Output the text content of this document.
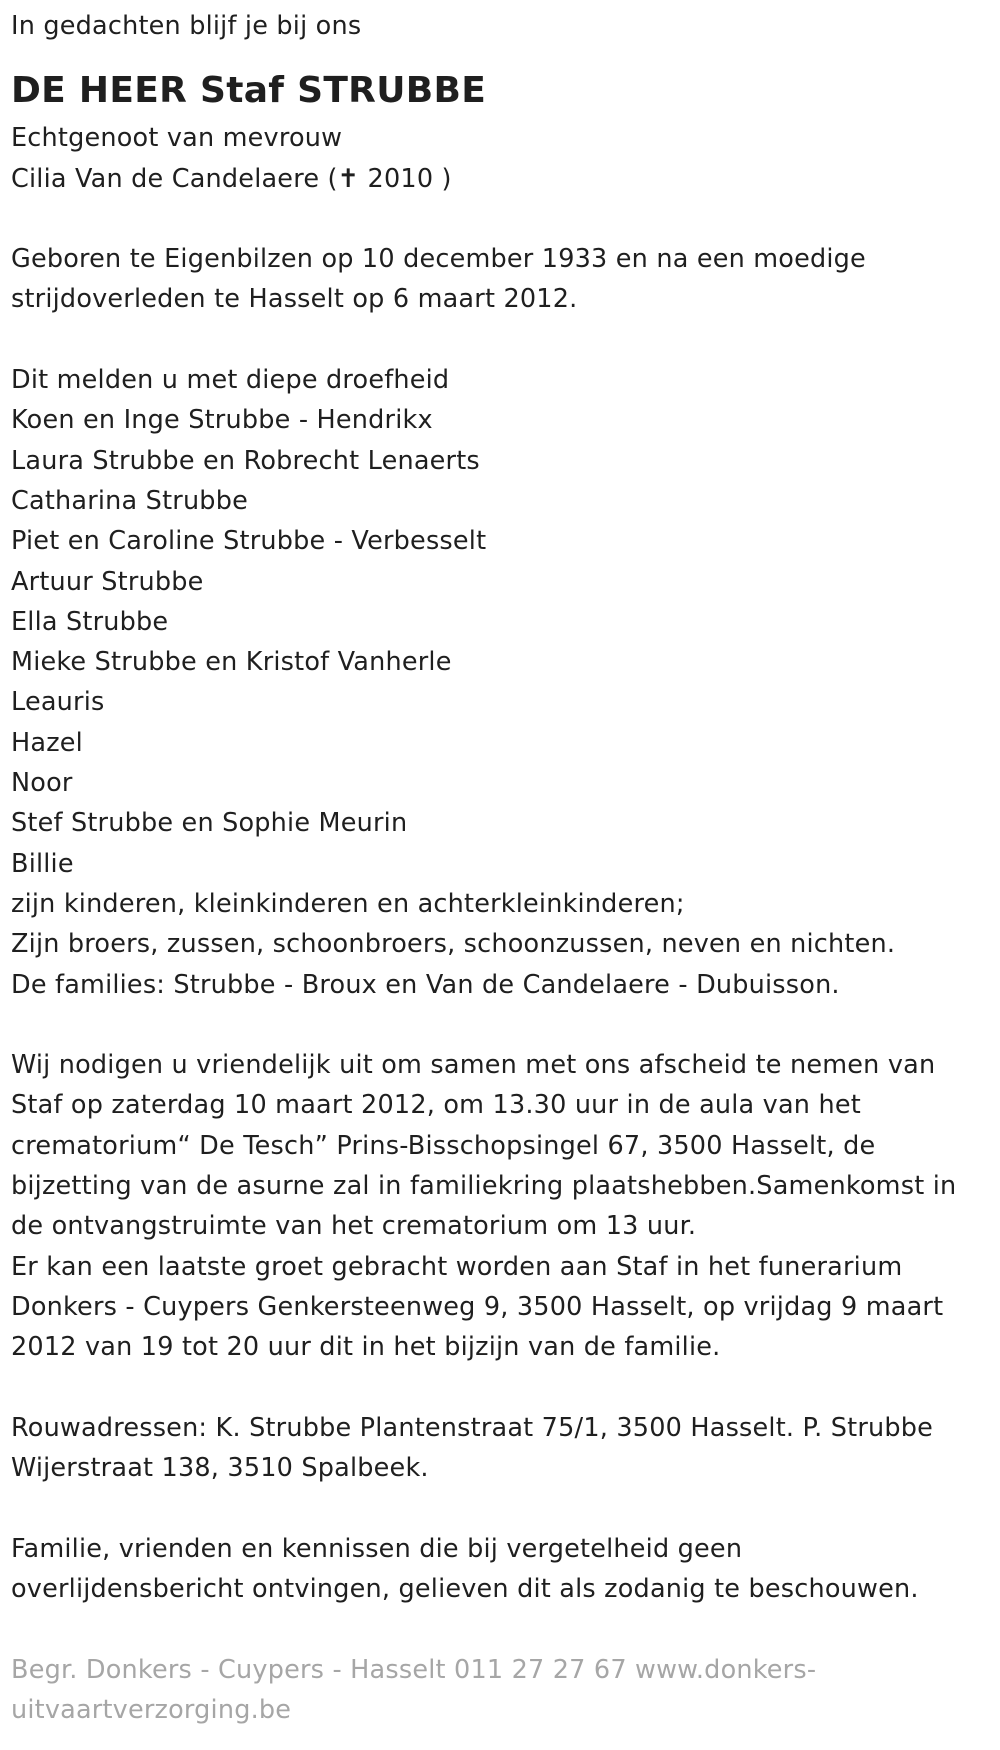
In gedachten blijf je bij ons
DE HEER Staf STRUBBE
Echtgenoot van mevrouw
Cilia Van de Candelaere (✝ 2010 )
Geboren te Eigenbilzen op 10 december 1933 en na een moedige
strijdoverleden te Hasselt op 6 maart 2012.
Dit melden u met diepe droefheid
Koen en Inge Strubbe - Hendrikx
Laura Strubbe en Robrecht Lenaerts
Catharina Strubbe
Piet en Caroline Strubbe - Verbesselt
Artuur Strubbe
Ella Strubbe
Mieke Strubbe en Kristof Vanherle
Leauris
Hazel
Noor
Stef Strubbe en Sophie Meurin
Billie
zijn kinderen, kleinkinderen en achterkleinkinderen;
Zijn broers, zussen, schoonbroers, schoonzussen, neven en nichten.
De families: Strubbe - Broux en Van de Candelaere - Dubuisson.
Wij nodigen u vriendelijk uit om samen met ons afscheid te nemen van
Staf op zaterdag 10 maart 2012, om 13.30 uur in de aula van het
crematorium“ De Tesch” Prins-Bisschopsingel 67, 3500 Hasselt, de
bijzetting van de asurne zal in familiekring plaatshebben.Samenkomst in
de ontvangstruimte van het crematorium om 13 uur.
Er kan een laatste groet gebracht worden aan Staf in het funerarium
Donkers - Cuypers Genkersteenweg 9, 3500 Hasselt, op vrijdag 9 maart
2012 van 19 tot 20 uur dit in het bijzijn van de familie.
Rouwadressen: K. Strubbe Plantenstraat 75/1, 3500 Hasselt. P. Strubbe
Wijerstraat 138, 3510 Spalbeek.
Familie, vrienden en kennissen die bij vergetelheid geen
overlijdensbericht ontvingen, gelieven dit als zodanig te beschouwen.
Begr. Donkers - Cuypers - Hasselt 011 27 27 67 www.donkers-
uitvaartverzorging.be
